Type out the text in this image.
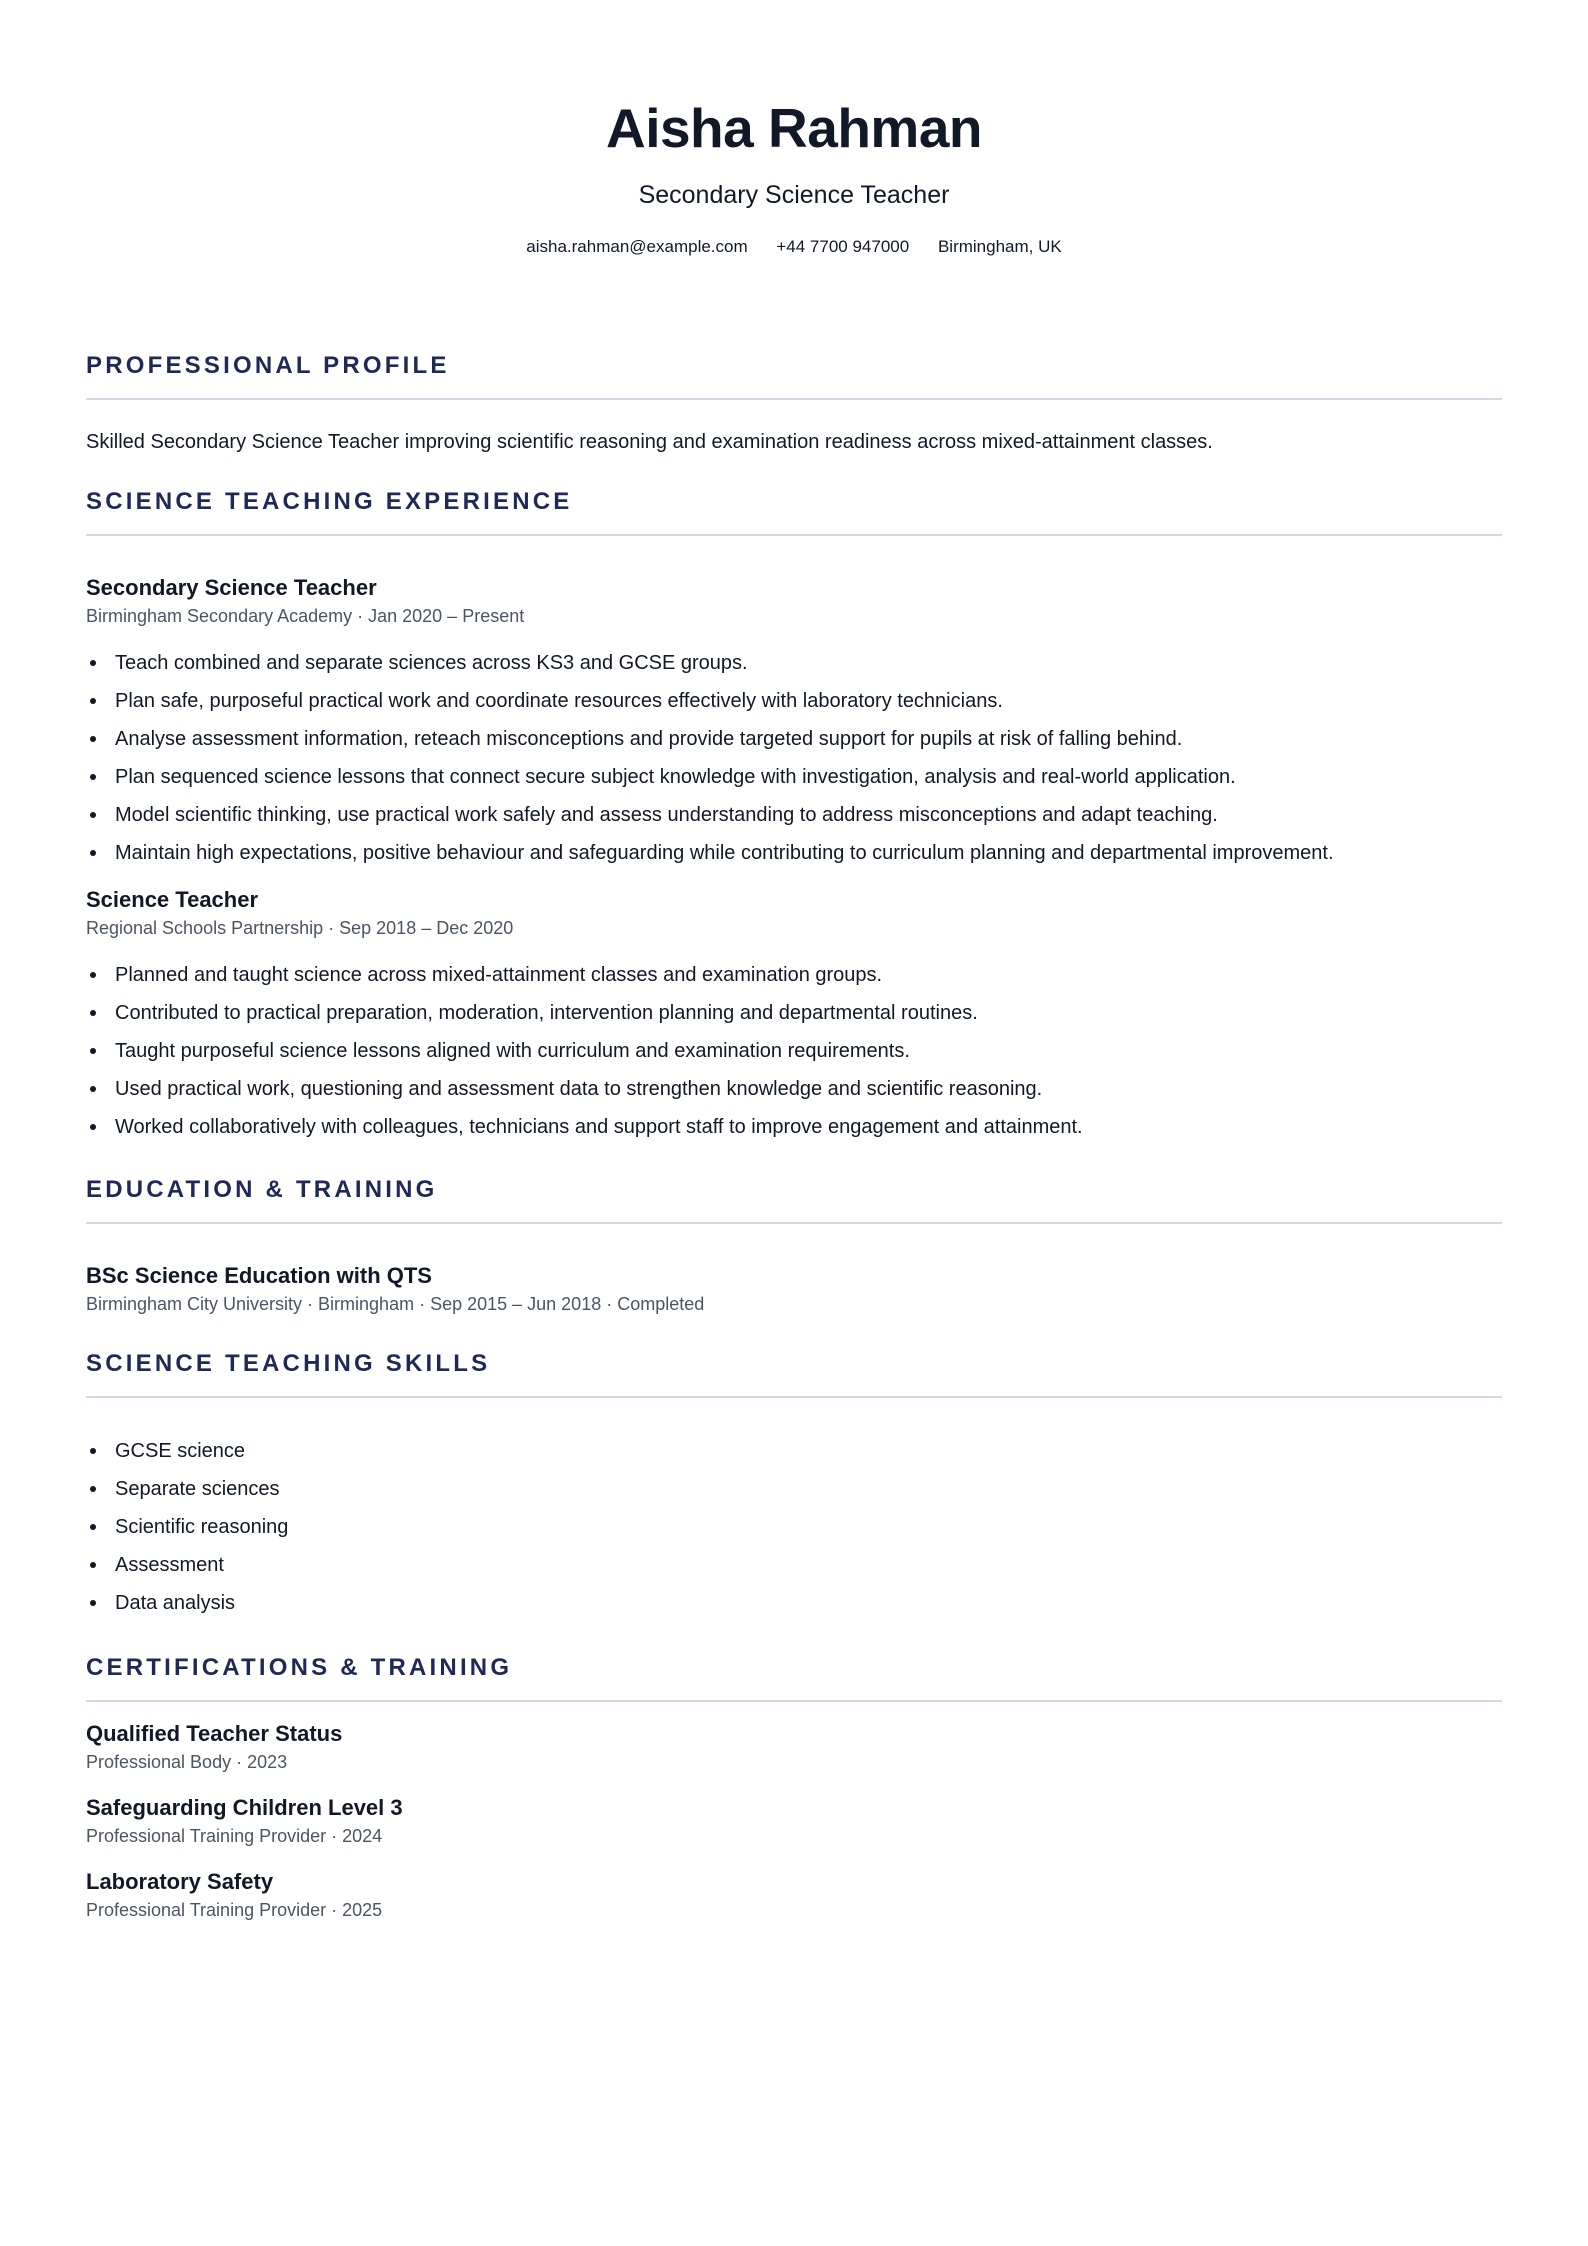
Aisha Rahman
Secondary Science Teacher
aisha.rahman@example.com +44 7700 947000 Birmingham, UK
PROFESSIONAL PROFILE
Skilled Secondary Science Teacher improving scientific reasoning and examination readiness across mixed-attainment classes.
SCIENCE TEACHING EXPERIENCE
Secondary Science Teacher
Birmingham Secondary Academy · Jan 2020 – Present
Teach combined and separate sciences across KS3 and GCSE groups.
Plan safe, purposeful practical work and coordinate resources effectively with laboratory technicians.
Analyse assessment information, reteach misconceptions and provide targeted support for pupils at risk of falling behind.
Plan sequenced science lessons that connect secure subject knowledge with investigation, analysis and real-world application.
Model scientific thinking, use practical work safely and assess understanding to address misconceptions and adapt teaching.
Maintain high expectations, positive behaviour and safeguarding while contributing to curriculum planning and departmental improvement.
Science Teacher
Regional Schools Partnership · Sep 2018 – Dec 2020
Planned and taught science across mixed-attainment classes and examination groups.
Contributed to practical preparation, moderation, intervention planning and departmental routines.
Taught purposeful science lessons aligned with curriculum and examination requirements.
Used practical work, questioning and assessment data to strengthen knowledge and scientific reasoning.
Worked collaboratively with colleagues, technicians and support staff to improve engagement and attainment.
EDUCATION & TRAINING
BSc Science Education with QTS
Birmingham City University · Birmingham · Sep 2015 – Jun 2018 · Completed
SCIENCE TEACHING SKILLS
GCSE science
Separate sciences
Scientific reasoning
Assessment
Data analysis
CERTIFICATIONS & TRAINING
Qualified Teacher Status
Professional Body · 2023
Safeguarding Children Level 3
Professional Training Provider · 2024
Laboratory Safety
Professional Training Provider · 2025
